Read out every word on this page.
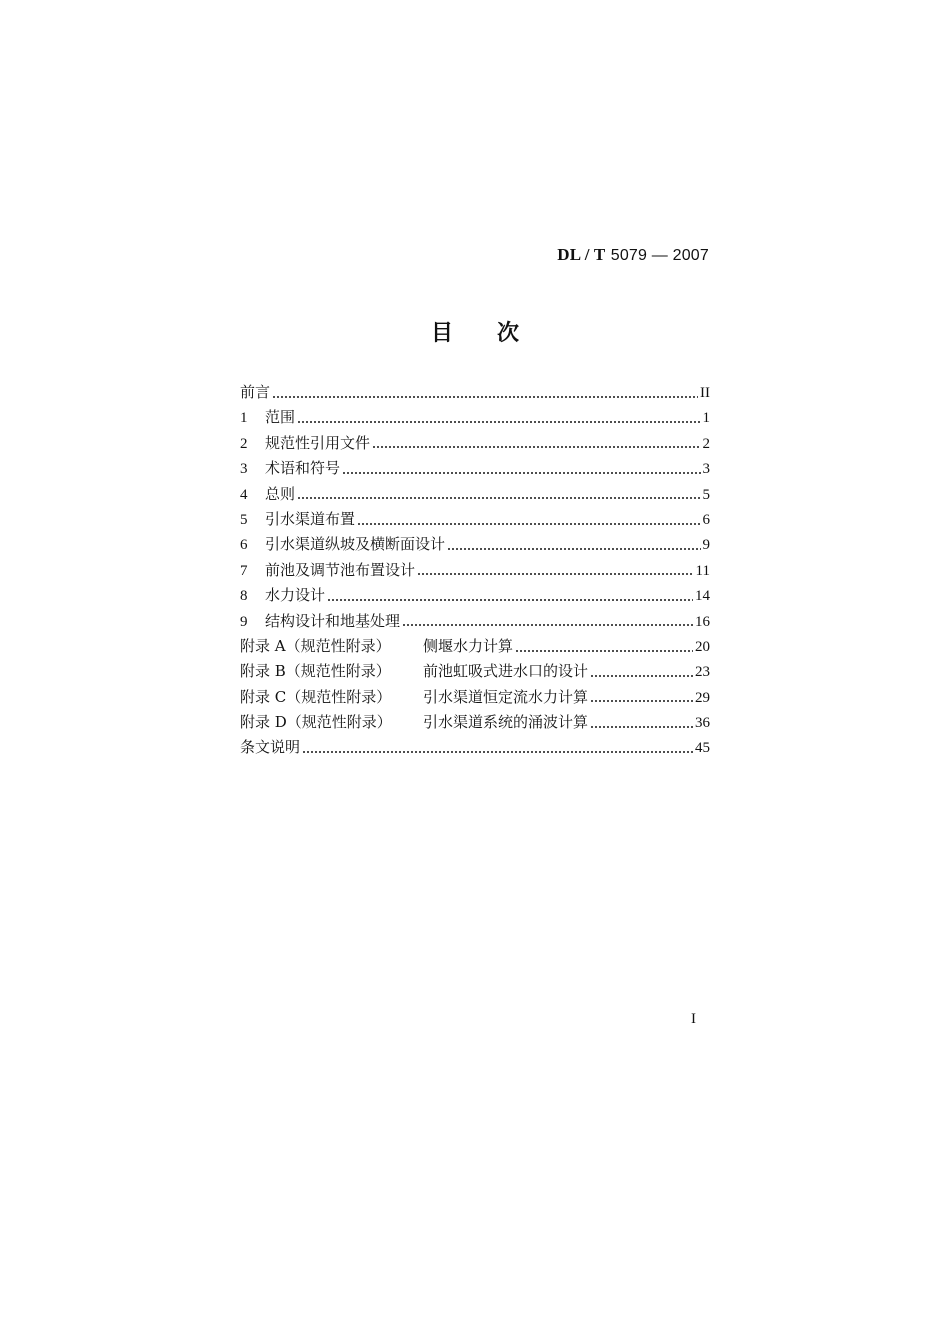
DL / T 5079 — 2007
目 次
前言	II
1	范围	1
2	规范性引用文件	2
3	术语和符号	3
4	总则	5
5	引水渠道布置	6
6	引水渠道纵坡及横断面设计	9
7	前池及调节池布置设计	11
8	水力设计	14
9	结构设计和地基处理	16
附录 A（规范性附录）	侧堰水力计算	20
附录 B（规范性附录）	前池虹吸式进水口的设计	23
附录 C（规范性附录）	引水渠道恒定流水力计算	29
附录 D（规范性附录）	引水渠道系统的涌波计算	36
条文说明	45
I
